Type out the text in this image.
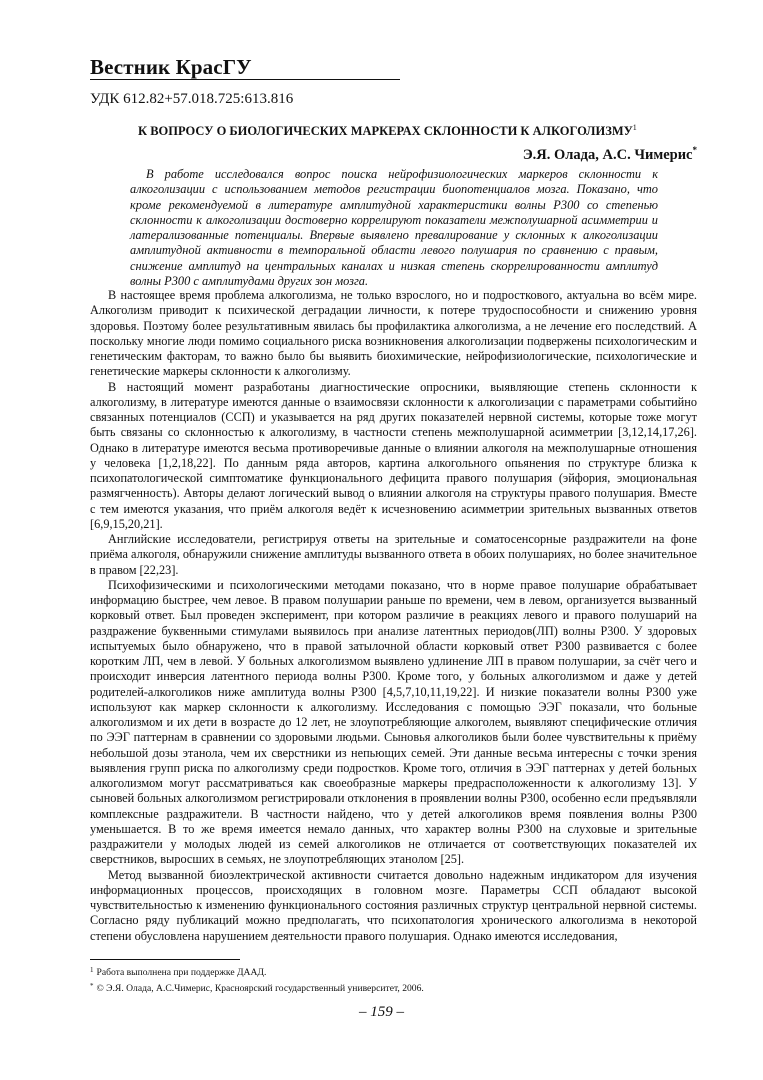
Вестник КрасГУ
УДК 612.82+57.018.725:613.816
К ВОПРОСУ О БИОЛОГИЧЕСКИХ МАРКЕРАХ СКЛОННОСТИ К АЛКОГОЛИЗМУ$^1$
Э.Я. Олада, А.С. Чимерис*

В работе исследовался вопрос поиска нейрофизиологических маркеров склонности к алкоголизации с использованием методов регистрации биопотенциалов мозга. Показано, что кроме рекомендуемой в литературе амплитудной характеристики волны Р300 со степенью склонности к алкоголизации достоверно коррелируют показатели межполушарной асимметрии и латерализованные потенциалы. Впервые выявлено превалирование у склонных к алкоголизации амплитудной активности в темпоральной области левого полушария по сравнению с правым, снижение амплитуд на центральных каналах и низкая степень скоррелированности амплитуд волны Р300 с амплитудами других зон мозга.

В настоящее время проблема алкоголизма, не только взрослого, но и подросткового, актуальна во всём мире. Алкоголизм приводит к психической деградации личности, к потере трудоспособности и снижению уровня здоровья. Поэтому более результативным явилась бы профилактика алкоголизма, а не лечение его последствий. А поскольку многие люди помимо социального риска возникновения алкоголизации подвержены психологическим и генетическим факторам, то важно было бы выявить биохимические, нейрофизиологические, психологические и генетические маркеры склонности к алкоголизму.

В настоящий момент разработаны диагностические опросники, выявляющие степень склонности к алкоголизму, в литературе имеются данные о взаимосвязи склонности к алкоголизации с параметрами событийно связанных потенциалов (ССП) и указывается на ряд других показателей нервной системы, которые тоже могут быть связаны со склонностью к алкоголизму, в частности степень межполушарной асимметрии [3,12,14,17,26]. Однако в литературе имеются весьма противоречивые данные о влиянии алкоголя на межполушарные отношения у человека [1,2,18,22]. По данным ряда авторов, картина алкогольного опьянения по структуре близка к психопатологической симптоматике функционального дефицита правого полушария (эйфория, эмоциональная размягченность). Авторы делают логический вывод о влиянии алкоголя на структуры правого полушария. Вместе с тем имеются указания, что приём алкоголя ведёт к исчезновению асимметрии зрительных вызванных ответов [6,9,15,20,21].

Английские исследователи, регистрируя ответы на зрительные и соматосенсорные раздражители на фоне приёма алкоголя, обнаружили снижение амплитуды вызванного ответа в обоих полушариях, но более значительное в правом [22,23].

Психофизическими и психологическими методами показано, что в норме правое полушарие обрабатывает информацию быстрее, чем левое. В правом полушарии раньше по времени, чем в левом, организуется вызванный корковый ответ. Был проведен эксперимент, при котором различие в реакциях левого и правого полушарий на раздражение буквенными стимулами выявилось при анализе латентных периодов(ЛП) волны Р300. У здоровых испытуемых было обнаружено, что в правой затылочной области корковый ответ Р300 развивается с более коротким ЛП, чем в левой. У больных алкоголизмом выявлено удлинение ЛП в правом полушарии, за счёт чего и происходит инверсия латентного периода волны Р300. Кроме того, у больных алкоголизмом и даже у детей родителей-алкоголиков ниже амплитуда волны Р300 [4,5,7,10,11,19,22]. И низкие показатели волны Р300 уже используют как маркер склонности к алкоголизму. Исследования с помощью ЭЭГ показали, что больные алкоголизмом и их дети в возрасте до 12 лет, не злоупотребляющие алкоголем, выявляют специфические отличия по ЭЭГ паттернам в сравнении со здоровыми людьми. Сыновья алкоголиков были более чувствительны к приёму небольшой дозы этанола, чем их сверстники из непьющих семей. Эти данные весьма интересны с точки зрения выявления групп риска по алкоголизму среди подростков. Кроме того, отличия в ЭЭГ паттернах у детей больных алкоголизмом могут рассматриваться как своеобразные маркеры предрасположенности к алкоголизму 13]. У сыновей больных алкоголизмом регистрировали отклонения в проявлении волны Р300, особенно если предъявляли комплексные раздражители. В частности найдено, что у детей алкоголиков время появления волны Р300 уменьшается. В то же время имеется немало данных, что характер волны Р300 на слуховые и зрительные раздражители у молодых людей из семей алкоголиков не отличается от соответствующих показателей их сверстников, выросших в семьях, не злоупотребляющих этанолом [25].

Метод вызванной биоэлектрической активности считается довольно надежным индикатором для изучения информационных процессов, происходящих в головном мозге. Параметры ССП обладают высокой чувствительностью к изменению функционального состояния различных структур центральной нервной системы. Согласно ряду публикаций можно предполагать, что психопатология хронического алкоголизма в некоторой степени обусловлена нарушением деятельности правого полушария. Однако имеются исследования,

$^1$ Работа выполнена при поддержке ДААД.
* © Э.Я. Олада, А.С.Чимерис, Красноярский государственный университет, 2006.
– 159 –
